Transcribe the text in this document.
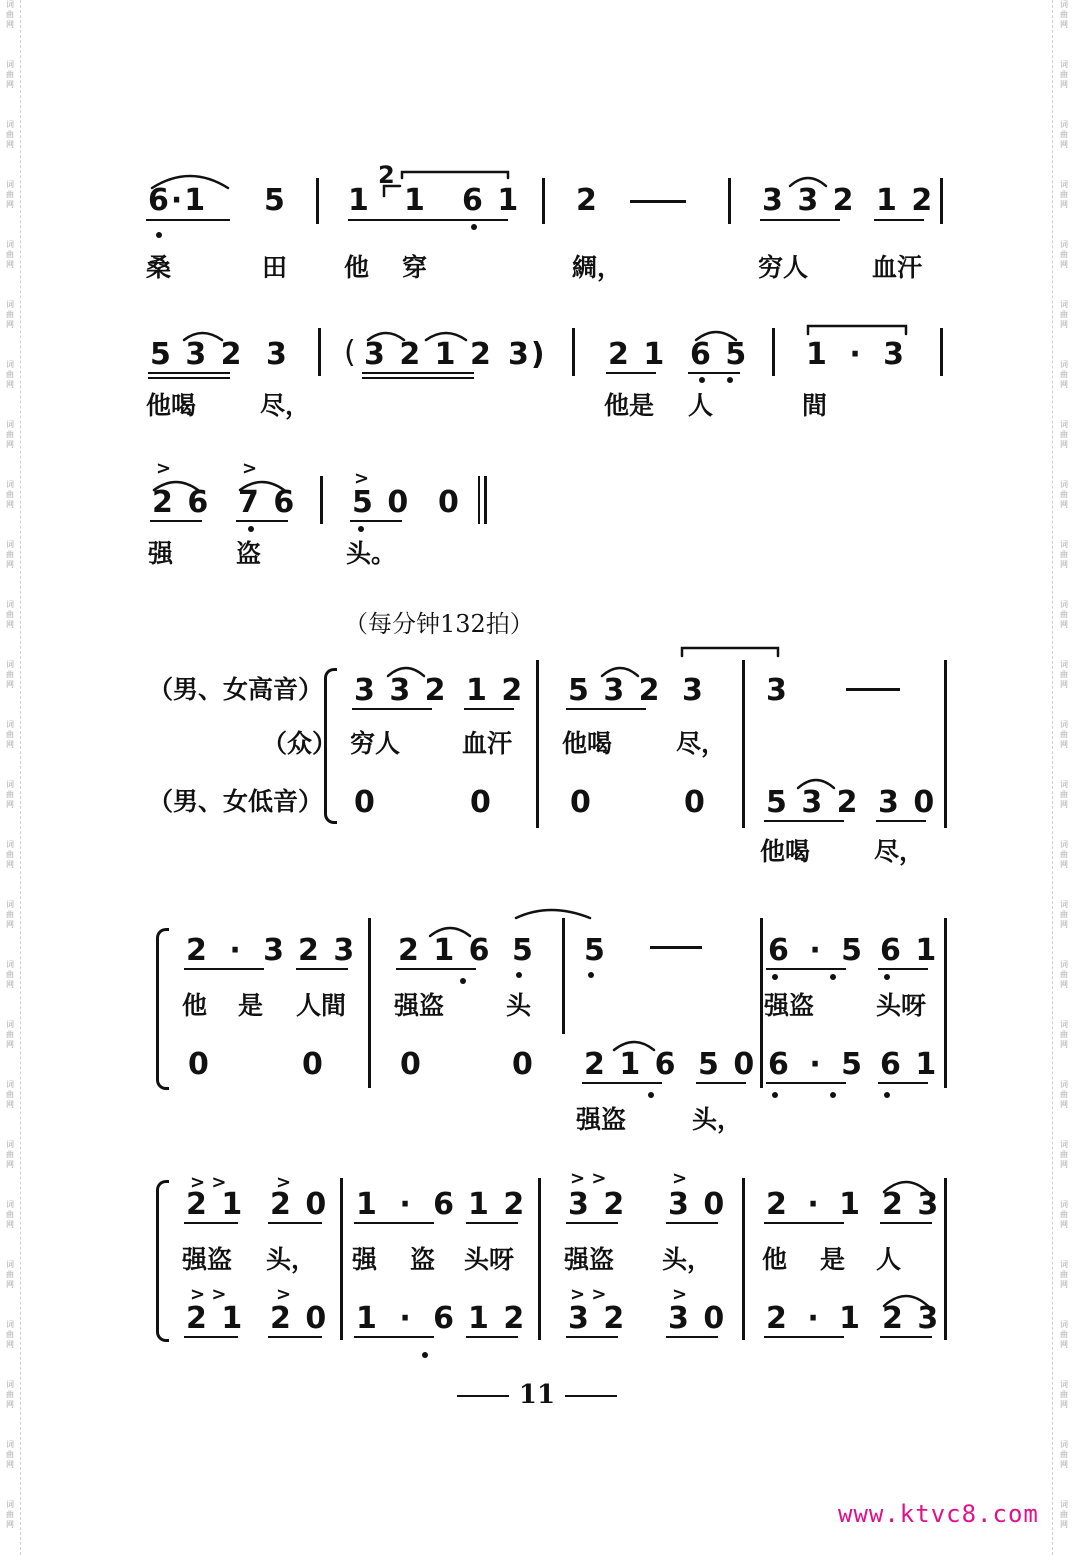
词
曲
网
词
曲
网
词
曲
网
词
曲
网
词
曲
网
词
曲
网
词
曲
网
词
曲
网
词
曲
网
词
曲
网
词
曲
网
词
曲
网
词
曲
网
词
曲
网
词
曲
网
词
曲
网
词
曲
网
词
曲
网
词
曲
网
词
曲
网
词
曲
网
词
曲
网
词
曲
网
词
曲
网
词
曲
网
词
曲
网
词
曲
网
词
曲
网
词
曲
网
词
曲
网
词
曲
网
词
曲
网
词
曲
网
词
曲
网
词
曲
网
词
曲
网
词
曲
网
词
曲
网
词
曲
网
词
曲
网
词
曲
网
词
曲
网
词
曲
网
词
曲
网
词
曲
网
词
曲
网
词
曲
网
词
曲
网
词
曲
网
词
曲
网
词
曲
网
词
曲
网
6·1 5 1
2
1 6 1 2	3 3 2 1 2
桑	田 他 穿	綢，	穷人	血汗
5 3 2 3 ( 3 2 1 2 3) 2 1 6 5 1 · 3
他喝	尽，	他是 人	間
>	>	>
2 6 7 6 5 0 0
强	盗	头。
（每分钟132拍）
（男、女高音）
（众）
（男、女低音）
3 3 2 1 2 5 3 2 3 3
穷人 血汗 他喝	尽，
0	0	0	0 5 3 2 3 0
他喝	尽，
2 · 3 2 3 2 1 6 5 5	6 · 5 6 1
他 是 人間 强盗 头	强盗 头呀
0	0	0	0 2 1 6 5 0 6 · 5 6 1
强盗	头，
> >	>	> >	>
2 1 2 0 1 · 6 1 2 3 2 3 0 2 · 1 2 3
强盗 头， 强 盗 头呀 强盗 头， 他 是 人
> >	>	> >	>
2 1 2 0 1 · 6 1 2 3 2 3 0 2 · 1 2 3
11
www.ktvc8.com
